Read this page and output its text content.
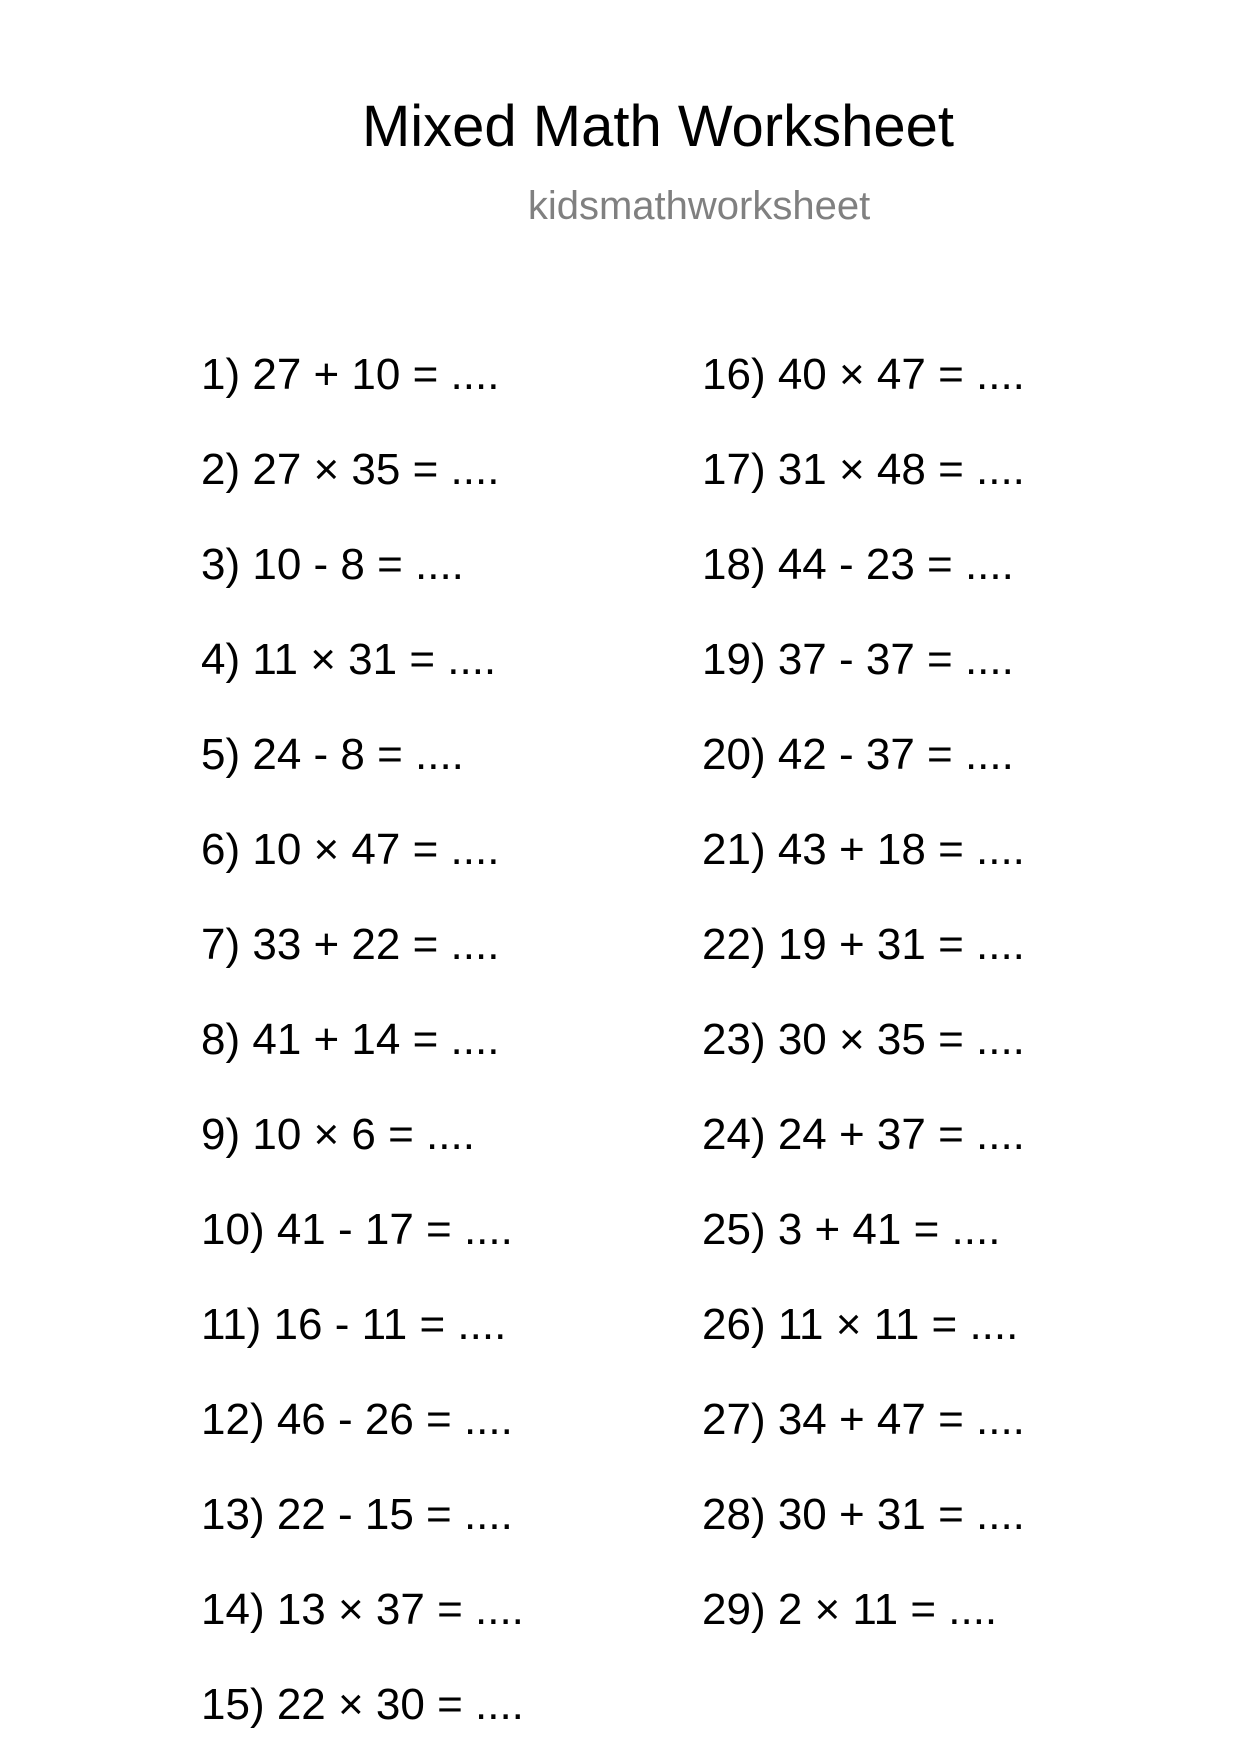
Mixed Math Worksheet
kidsmathworksheet
1) 27 + 10 = ....
2) 27 × 35 = ....
3) 10 - 8 = ....
4) 11 × 31 = ....
5) 24 - 8 = ....
6) 10 × 47 = ....
7) 33 + 22 = ....
8) 41 + 14 = ....
9) 10 × 6 = ....
10) 41 - 17 = ....
11) 16 - 11 = ....
12) 46 - 26 = ....
13) 22 - 15 = ....
14) 13 × 37 = ....
15) 22 × 30 = ....
16) 40 × 47 = ....
17) 31 × 48 = ....
18) 44 - 23 = ....
19) 37 - 37 = ....
20) 42 - 37 = ....
21) 43 + 18 = ....
22) 19 + 31 = ....
23) 30 × 35 = ....
24) 24 + 37 = ....
25) 3 + 41 = ....
26) 11 × 11 = ....
27) 34 + 47 = ....
28) 30 + 31 = ....
29) 2 × 11 = ....
